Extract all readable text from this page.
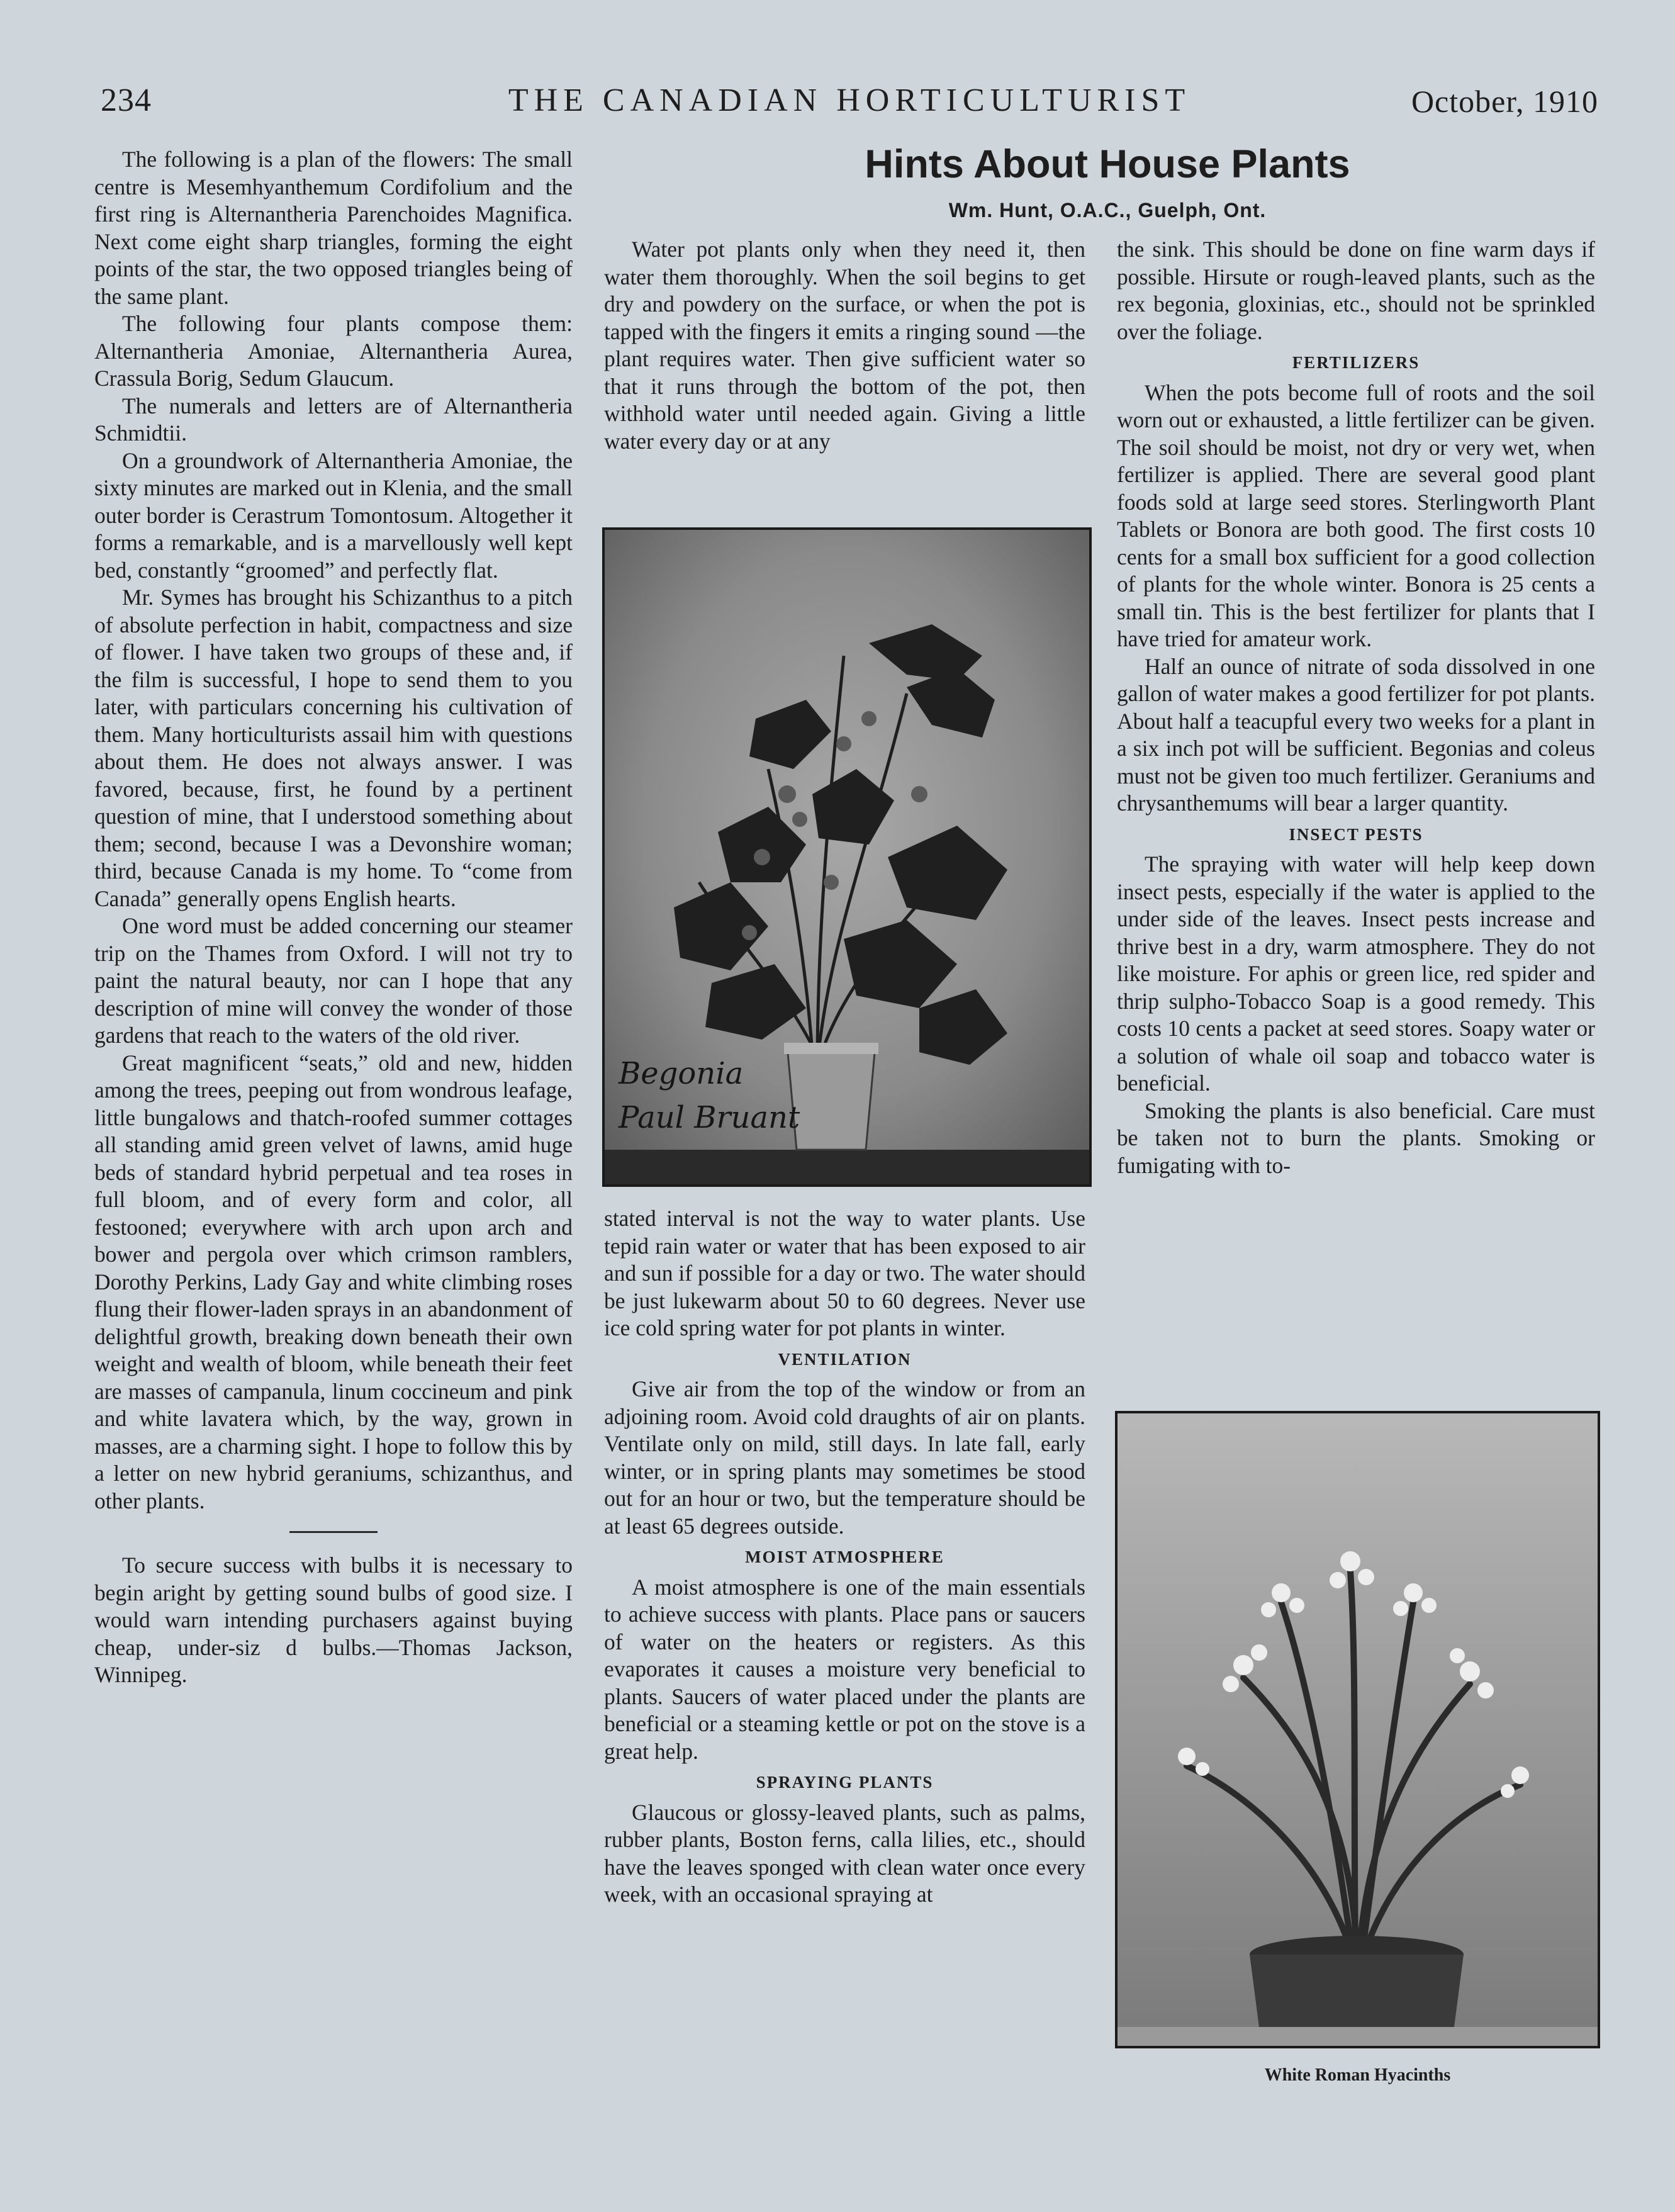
234	THE CANADIAN HORTICULTURIST	October, 1910

The following is a plan of the flowers: The small centre is Mesemhyanthemum Cordifolium and the first ring is Alternantheria Parenchoides Magnifica. Next come eight sharp triangles, forming the eight points of the star, the two opposed triangles being of the same plant.

The following four plants compose them: Alternantheria Amoniae, Alternantheria Aurea, Crassula Borig, Sedum Glaucum.

The numerals and letters are of Alternantheria Schmidtii.

On a groundwork of Alternantheria Amoniae, the sixty minutes are marked out in Klenia, and the small outer border is Cerastrum Tomontosum. Altogether it forms a remarkable, and is a marvellously well kept bed, constantly “groomed” and perfectly flat.

Mr. Symes has brought his Schizanthus to a pitch of absolute perfection in habit, compactness and size of flower. I have taken two groups of these and, if the film is successful, I hope to send them to you later, with particulars concerning his cultivation of them. Many horticulturists assail him with questions about them. He does not always answer. I was favored, because, first, he found by a pertinent question of mine, that I understood something about them; second, because I was a Devonshire woman; third, because Canada is my home. To “come from Canada” generally opens English hearts.

One word must be added concerning our steamer trip on the Thames from Oxford. I will not try to paint the natural beauty, nor can I hope that any description of mine will convey the wonder of those gardens that reach to the waters of the old river.

Great magnificent “seats,” old and new, hidden among the trees, peeping out from wondrous leafage, little bungalows and thatch-roofed summer cottages all standing amid green velvet of lawns, amid huge beds of standard hybrid perpetual and tea roses in full bloom, and of every form and color, all festooned; everywhere with arch upon arch and bower and pergola over which crimson ramblers, Dorothy Perkins, Lady Gay and white climbing roses flung their flower-laden sprays in an abandonment of delightful growth, breaking down beneath their own weight and wealth of bloom, while beneath their feet are masses of campanula, linum coccineum and pink and white lavatera which, by the way, grown in masses, are a charming sight. I hope to follow this by a letter on new hybrid geraniums, schizanthus, and other plants.

To secure success with bulbs it is necessary to begin aright by getting sound bulbs of good size. I would warn intending purchasers against buying cheap, under-siz d bulbs.—Thomas Jackson, Winnipeg.

Hints About House Plants
Wm. Hunt, O.A.C., Guelph, Ont.

Water pot plants only when they need it, then water them thoroughly. When the soil begins to get dry and powdery on the surface, or when the pot is tapped with the fingers it emits a ringing sound —the plant requires water. Then give sufficient water so that it runs through the bottom of the pot, then withhold water until needed again. Giving a little water every day or at any

Begonia
Paul Bruant

stated interval is not the way to water plants. Use tepid rain water or water that has been exposed to air and sun if possible for a day or two. The water should be just lukewarm about 50 to 60 degrees. Never use ice cold spring water for pot plants in winter.

VENTILATION

Give air from the top of the window or from an adjoining room. Avoid cold draughts of air on plants. Ventilate only on mild, still days. In late fall, early winter, or in spring plants may sometimes be stood out for an hour or two, but the temperature should be at least 65 degrees outside.

MOIST ATMOSPHERE

A moist atmosphere is one of the main essentials to achieve success with plants. Place pans or saucers of water on the heaters or registers. As this evaporates it causes a moisture very beneficial to plants. Saucers of water placed under the plants are beneficial or a steaming kettle or pot on the stove is a great help.

SPRAYING PLANTS

Glaucous or glossy-leaved plants, such as palms, rubber plants, Boston ferns, calla lilies, etc., should have the leaves sponged with clean water once every week, with an occasional spraying at

the sink. This should be done on fine warm days if possible. Hirsute or rough-leaved plants, such as the rex begonia, gloxinias, etc., should not be sprinkled over the foliage.

FERTILIZERS

When the pots become full of roots and the soil worn out or exhausted, a little fertilizer can be given. The soil should be moist, not dry or very wet, when fertilizer is applied. There are several good plant foods sold at large seed stores. Sterlingworth Plant Tablets or Bonora are both good. The first costs 10 cents for a small box sufficient for a good collection of plants for the whole winter. Bonora is 25 cents a small tin. This is the best fertilizer for plants that I have tried for amateur work.

Half an ounce of nitrate of soda dissolved in one gallon of water makes a good fertilizer for pot plants. About half a teacupful every two weeks for a plant in a six inch pot will be sufficient. Begonias and coleus must not be given too much fertilizer. Geraniums and chrysanthemums will bear a larger quantity.

INSECT PESTS

The spraying with water will help keep down insect pests, especially if the water is applied to the under side of the leaves. Insect pests increase and thrive best in a dry, warm atmosphere. They do not like moisture. For aphis or green lice, red spider and thrip sulpho-Tobacco Soap is a good remedy. This costs 10 cents a packet at seed stores. Soapy water or a solution of whale oil soap and tobacco water is beneficial.

Smoking the plants is also beneficial. Care must be taken not to burn the plants. Smoking or fumigating with to-

White Roman Hyacinths
